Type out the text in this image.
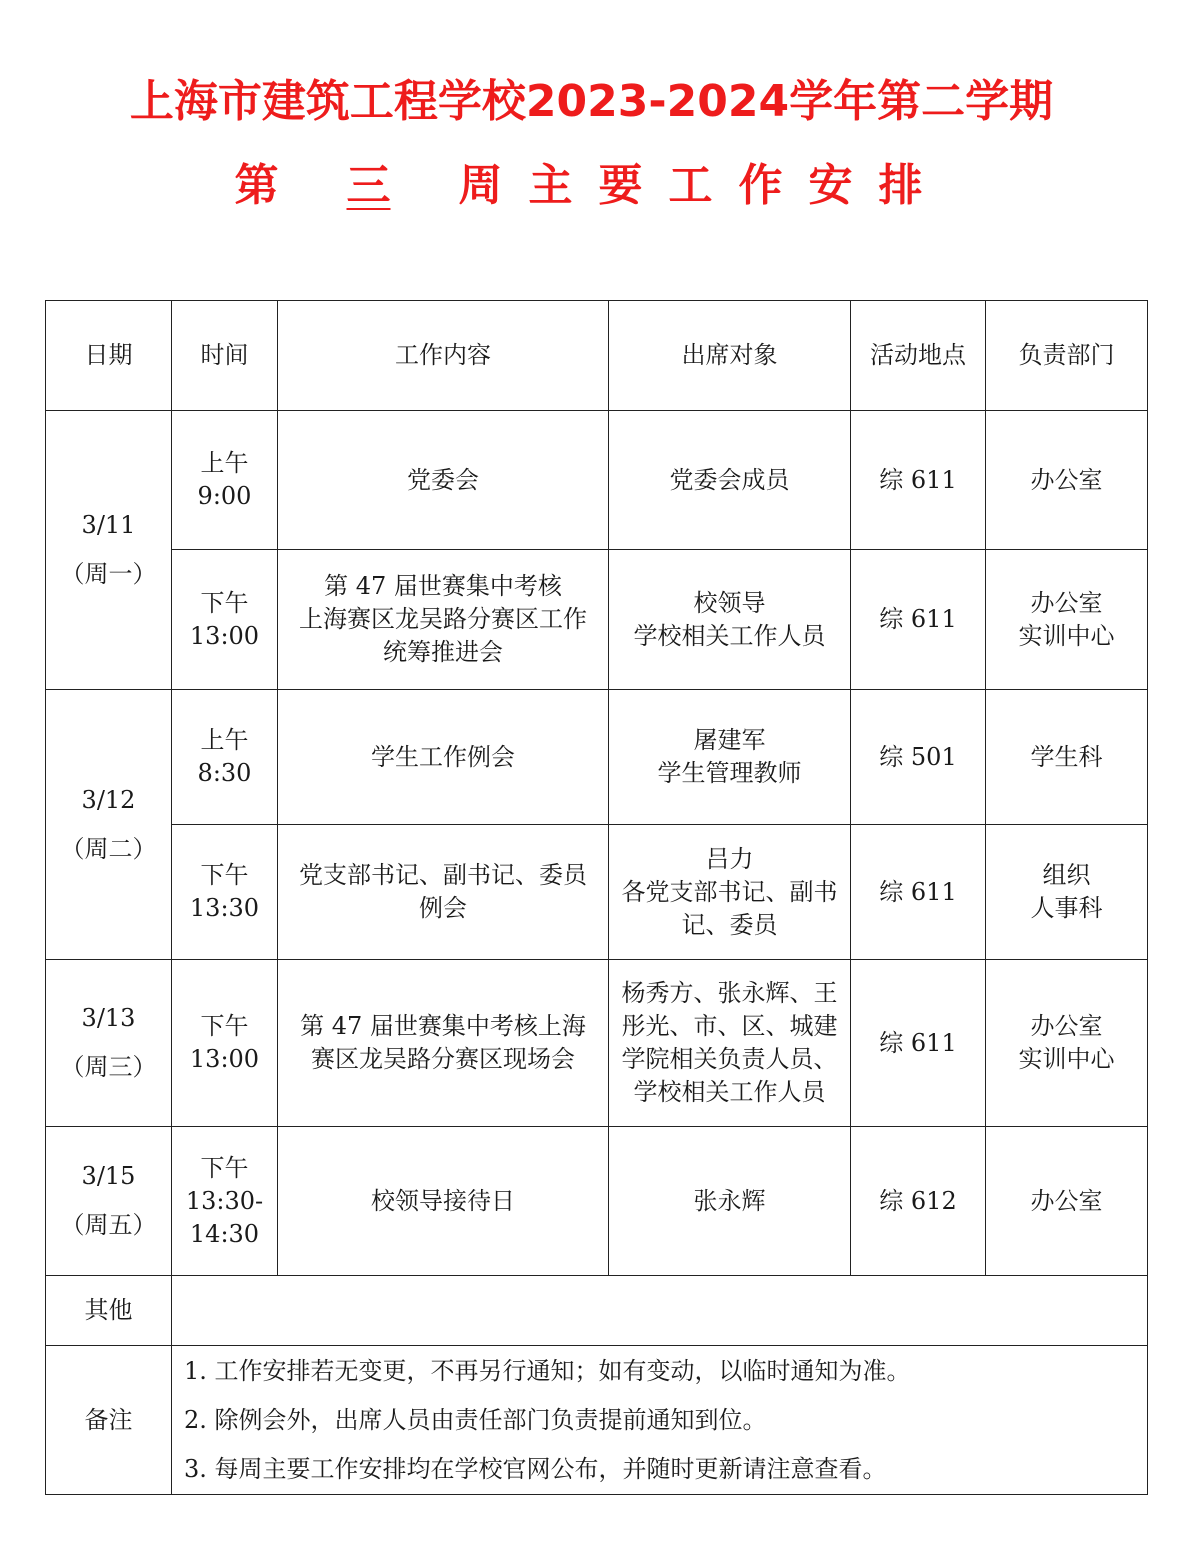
上海市建筑工程学校2023-2024学年第二学期
第 三 周主要工作安排
日期	时间	工作内容	出席对象	活动地点	负责部门

3/11
（周一）	上午
9:00	党委会	党委会成员	综 611	办公室

	下午
13:00	第 47 届世赛集中考核
上海赛区龙吴路分赛区工作
统筹推进会	校领导
学校相关工作人员	综 611	办公室
实训中心

3/12
（周二）	上午
8:30	学生工作例会	屠建军
学生管理教师	综 501	学生科

	下午
13:30	党支部书记、副书记、委员
例会	吕力
各党支部书记、副书
记、委员	综 611	组织
人事科

3/13
（周三）	下午
13:00	第 47 届世赛集中考核上海
赛区龙吴路分赛区现场会	杨秀方、张永辉、王
彤光、市、区、城建
学院相关负责人员、
学校相关工作人员	综 611	办公室
实训中心

3/15
（周五）	下午
13:30-
14:30	校领导接待日	张永辉	综 612	办公室

其他					
备注	1. 工作安排若无变更，不再另行通知；如有变动，以临时通知为准。
2. 除例会外，出席人员由责任部门负责提前通知到位。
3. 每周主要工作安排均在学校官网公布，并随时更新请注意查看。				
